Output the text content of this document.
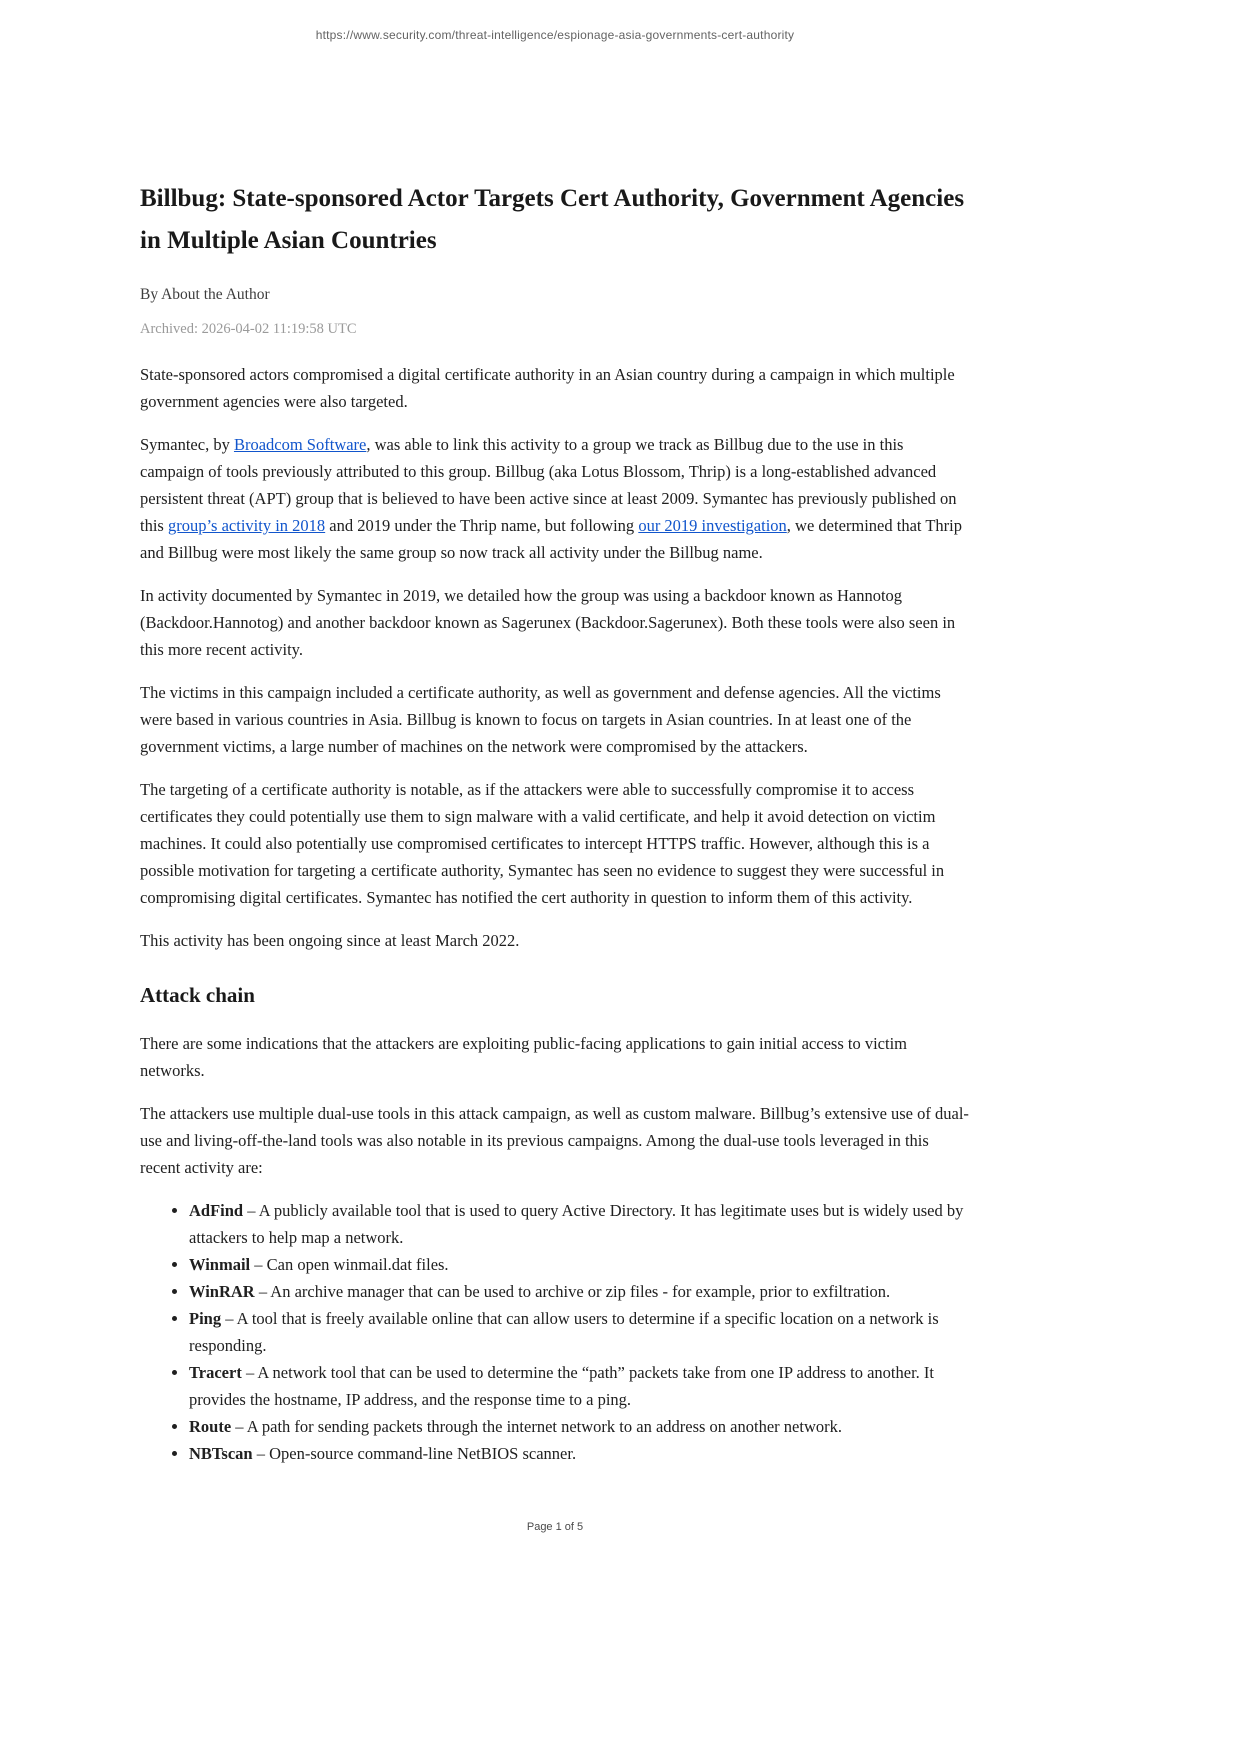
https://www.security.com/threat-intelligence/espionage-asia-governments-cert-authority
Billbug: State-sponsored Actor Targets Cert Authority, Government Agencies in Multiple Asian Countries

By About the Author

Archived: 2026-04-02 11:19:58 UTC

State-sponsored actors compromised a digital certificate authority in an Asian country during a campaign in which multiple government agencies were also targeted.

Symantec, by Broadcom Software, was able to link this activity to a group we track as Billbug due to the use in this campaign of tools previously attributed to this group. Billbug (aka Lotus Blossom, Thrip) is a long-established advanced persistent threat (APT) group that is believed to have been active since at least 2009. Symantec has previously published on this group’s activity in 2018 and 2019 under the Thrip name, but following our 2019 investigation, we determined that Thrip and Billbug were most likely the same group so now track all activity under the Billbug name.

In activity documented by Symantec in 2019, we detailed how the group was using a backdoor known as Hannotog (Backdoor.Hannotog) and another backdoor known as Sagerunex (Backdoor.Sagerunex). Both these tools were also seen in this more recent activity.

The victims in this campaign included a certificate authority, as well as government and defense agencies. All the victims were based in various countries in Asia. Billbug is known to focus on targets in Asian countries. In at least one of the government victims, a large number of machines on the network were compromised by the attackers.

The targeting of a certificate authority is notable, as if the attackers were able to successfully compromise it to access certificates they could potentially use them to sign malware with a valid certificate, and help it avoid detection on victim machines. It could also potentially use compromised certificates to intercept HTTPS traffic. However, although this is a possible motivation for targeting a certificate authority, Symantec has seen no evidence to suggest they were successful in compromising digital certificates. Symantec has notified the cert authority in question to inform them of this activity.

This activity has been ongoing since at least March 2022.

Attack chain

There are some indications that the attackers are exploiting public-facing applications to gain initial access to victim networks.

The attackers use multiple dual-use tools in this attack campaign, as well as custom malware. Billbug’s extensive use of dual-use and living-off-the-land tools was also notable in its previous campaigns. Among the dual-use tools leveraged in this recent activity are:

• AdFind – A publicly available tool that is used to query Active Directory. It has legitimate uses but is widely used by attackers to help map a network.
• Winmail – Can open winmail.dat files.
• WinRAR – An archive manager that can be used to archive or zip files - for example, prior to exfiltration.
• Ping – A tool that is freely available online that can allow users to determine if a specific location on a network is responding.
• Tracert – A network tool that can be used to determine the “path” packets take from one IP address to another. It provides the hostname, IP address, and the response time to a ping.
• Route – A path for sending packets through the internet network to an address on another network.
• NBTscan – Open-source command-line NetBIOS scanner.
Page 1 of 5
